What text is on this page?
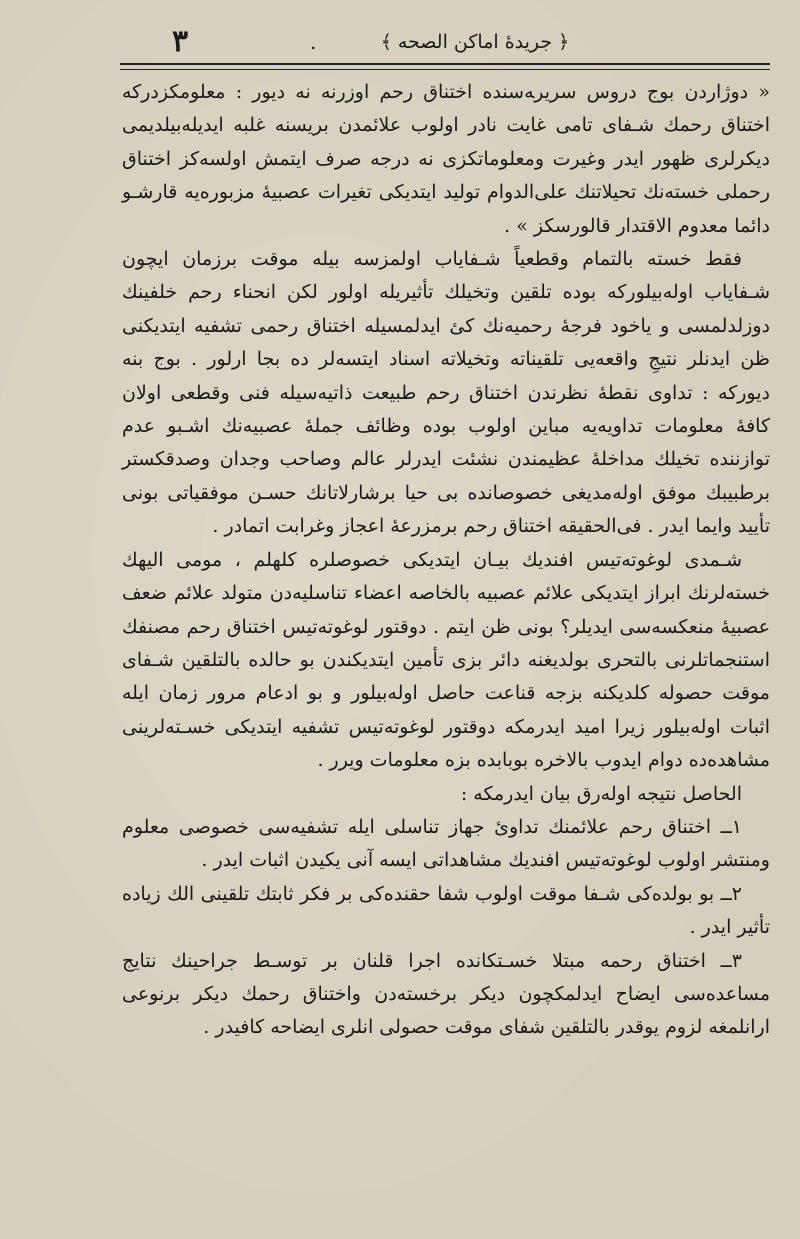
٣	.	﴿ جريدهٔ اماكن الصحه ﴾

« دوژاردن بوج دروس سريرﻪسنده اختناق رحم اوزرنه نه ديور : معلومكزدركه اختناق رحمك شـفاى تامى غايت نادر اولوب علائمدن بريسنه غلبه ايديله‌بيلديمى ديكرلرى ظهور ايدر وغيرت ومعلوماتكزى نه درجه صرف ايتمش اولسه‌كز اختناق رحملى خسته‌نك تحيلاتنك على‌الدوام توليد ايتديكى تغيرات عصبيهٔ مزبوره‌يه قارشـو دائما معدوم الاقتدار قالورسكز » .

فقط خسته بالتمام وقطعياً شـفاياب اولمزسه بيله موقت برزمان ايچون شـفاياب اوله‌بيلوركه بوده تلقين وتخيلك تأثيريله اولور لكن انحناء رحم خلفينك دوزلدلمسى و ياخود فرجهٔ رحميه‌نك كئ ايدلمسيله اختناق رحمى تشفيه ايتديكنى ظن ايدنلر نتيجِ واقعه‌يى تلقيناته وتخيلاته اسناد ايتسه‌لر ده بجا ارلور . بوج بنه ديوركه : تداوى نقطهٔ نظرندن اختناق رحم طبيعت ذاتيه‌سيله فنى وقطعى اولان كافهٔ معلومات تداويه‌يه مباين اولوب بوده وظائف جملهٔ عصبيه‌نك اشـبو عدم توازننده تخيلك مداخلهٔ عظيمندن نشئت ايدرلر عالم وصاحب وجدان وصدقكستر برطبيبك موفق اوله‌مديغى خصوصانده بى حيا برشارلاتانك حسـن موفقياتى بونى تأييد وايما ايدر . فى‌الحقيقه اختناق رحم برمزرعهٔ اعجاز وغرابت اتمادر .

شـمدى لوغوته‌تيس افنديك بيـان ايتديكى خصوصلره كلهلم ، مومى اليهك خسته‌لرنك ابراز ايتديكى علائم عصبيه بالخاصه اعضاء تناسليه‌دن متولد علائم ضعف عصبيهٔ منعكسه‌سى ايديلر؟ بونى ظن ايتم . دوقتور لوغوته‌تيس اختناق رحم مصنفك استنجماتلرنى بالتحرى بولديغنه دائر بزى تأمين ايتديكندن بو حالده بالتلقين شـفاى موقت حصوله كلديكنه بزجه قناعت حاصل اوله‌بيلور و بو ادعام مرور زمان ايله اثبات اوله‌بيلور زيرا اميد ايدرمكه دوقتور لوغوته‌تيس تشفيه ايتديكى خسـته‌لرينى مشاهده‌ده دوام ايدوب بالاخره بوبابده بزه معلومات ويرر .

الحاصل نتيجه اوله‌رق بيان ايدرمكه :

١ــ اختناق رحم علائمنك تداوىٔ جهاز تناسلى ايله تشفيه‌سى خصوصى معلوم ومنتشر اولوب لوغوته‌تيس افنديك مشاهداتى ايسه آنى يكيدن اثبات ايدر .

٢ــ بو بولده‌كى شـفا موقت اولوب شفا حقنده‌كى بر فكر ثابتك تلقينى الك زياده تأثير ايدر .

٣ــ اختناق رحمه مبتلا خسـتكانده اجرا قلنان بر توسـط جراحينك نتايج مساعده‌سى ايضاح ايدلمكچون ديكر برخسته‌دن واختناق رحمك ديكر برنوعى ارانلمغه لزوم يوقدر بالتلقين شفاى موقت حصولى انلرى ايضاحه كافيدر .
